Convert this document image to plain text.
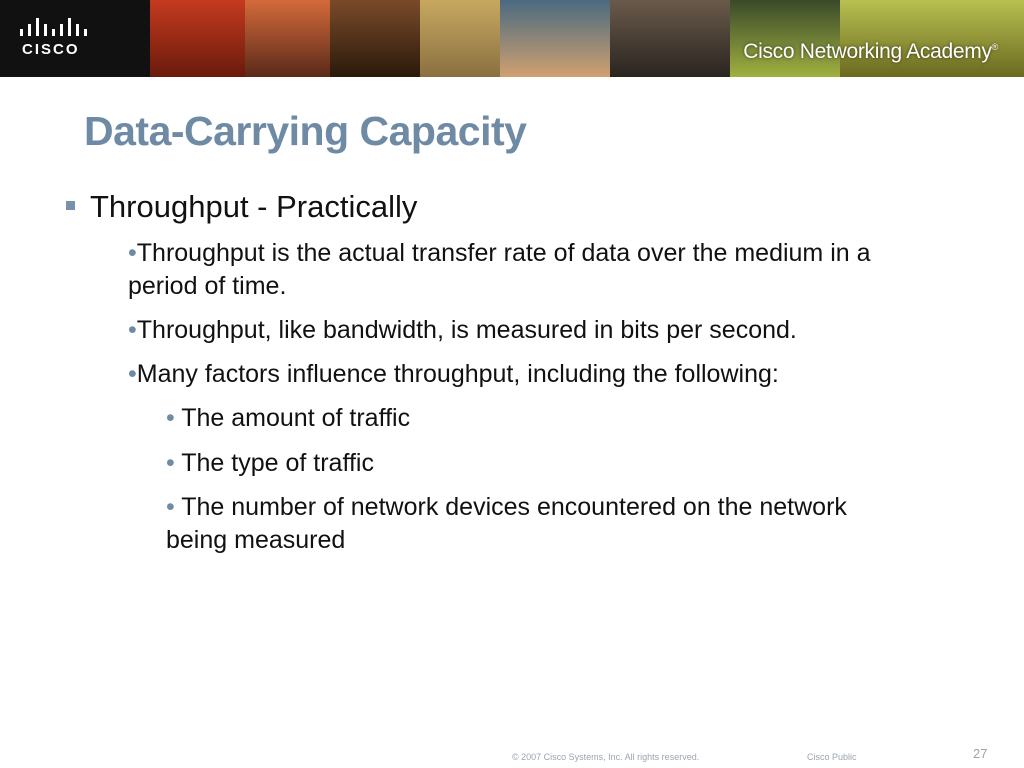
CISCO	Cisco Networking Academy®
Data-Carrying Capacity
Throughput - Practically
•Throughput is the actual transfer rate of data over the medium in a period of time.
•Throughput, like bandwidth, is measured in bits per second.
•Many factors influence throughput, including the following:
• The amount of traffic
• The type of traffic
• The number of network devices encountered on the network being measured
© 2007 Cisco Systems, Inc. All rights reserved.	Cisco Public	27
